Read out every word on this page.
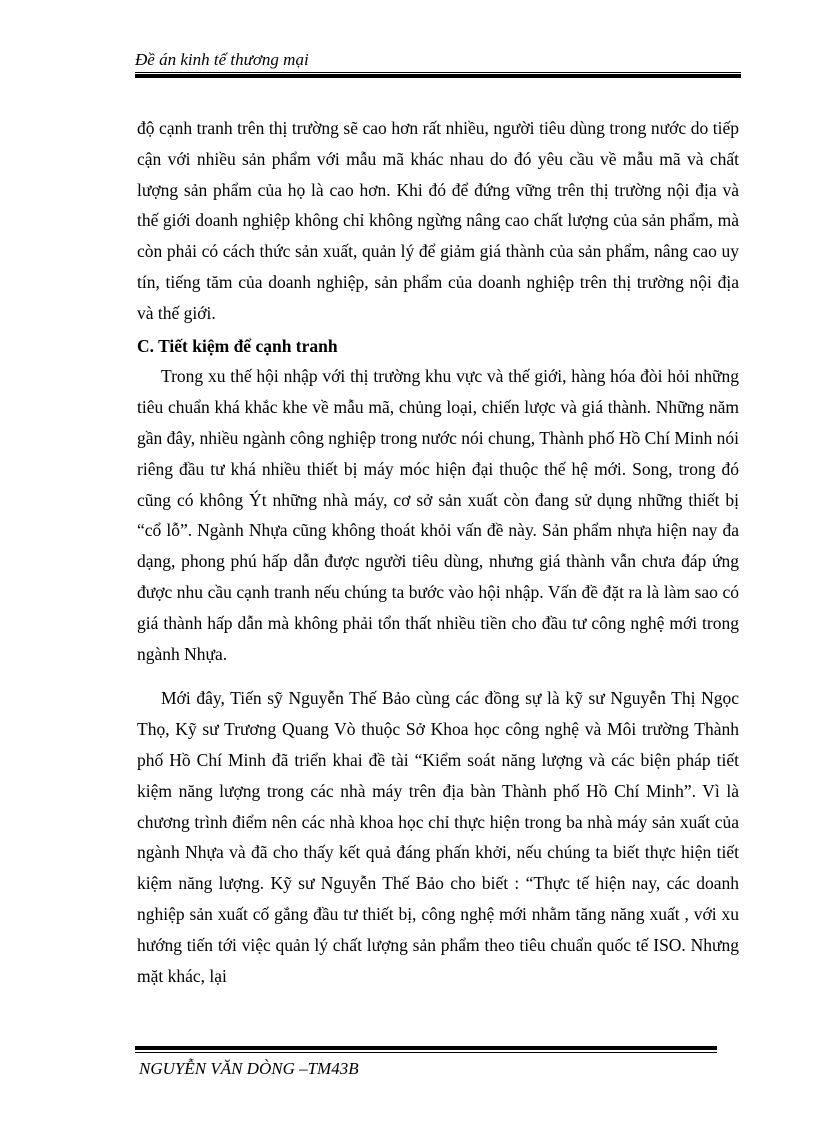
Đề án kinh tế thương mại

độ cạnh tranh trên thị trường sẽ cao hơn rất nhiều, người tiêu dùng trong nước do tiếp cận với nhiều sản phẩm với mẫu mã khác nhau do đó yêu cầu về mẫu mã và chất lượng sản phẩm của họ là cao hơn. Khi đó để đứng vững trên thị trường nội địa và thế giới doanh nghiệp không chỉ không ngừng nâng cao chất lượng của sản phẩm, mà còn phải có cách thức sản xuất, quản lý để giảm giá thành của sản phẩm, nâng cao uy tín, tiếng tăm của doanh nghiệp, sản phẩm của doanh nghiệp trên thị trường nội địa và thế giới.

C. Tiết kiệm để cạnh tranh

Trong xu thế hội nhập với thị trường khu vực và thế giới, hàng hóa đòi hỏi những tiêu chuẩn khá khắc khe về mẫu mã, chủng loại, chiến lược và giá thành. Những năm gần đây, nhiều ngành công nghiệp trong nước nói chung, Thành phố Hồ Chí Minh nói riêng đầu tư khá nhiều thiết bị máy móc hiện đại thuộc thế hệ mới. Song, trong đó cũng có không Ýt những nhà máy, cơ sở sản xuất còn đang sử dụng những thiết bị “cổ lỗ”. Ngành Nhựa cũng không thoát khỏi vấn đề này. Sản phẩm nhựa hiện nay đa dạng, phong phú hấp dẫn được người tiêu dùng, nhưng giá thành vẫn chưa đáp ứng được nhu cầu cạnh tranh nếu chúng ta bước vào hội nhập. Vấn đề đặt ra là làm sao có giá thành hấp dẫn mà không phải tổn thất nhiều tiền cho đầu tư công nghệ mới trong ngành Nhựa.

Mới đây, Tiến sỹ Nguyễn Thế Bảo cùng các đồng sự là kỹ sư Nguyễn Thị Ngọc Thọ, Kỹ sư Trương Quang Vò thuộc Sở Khoa học công nghệ và Môi trường Thành phố Hồ Chí Minh đã triển khai đề tài “Kiểm soát năng lượng và các biện pháp tiết kiệm năng lượng trong các nhà máy trên địa bàn Thành phố Hồ Chí Minh”. Vì là chương trình điểm nên các nhà khoa học chỉ thực hiện trong ba nhà máy sản xuất của ngành Nhựa và đã cho thấy kết quả đáng phấn khởi, nếu chúng ta biết thực hiện tiết kiệm năng lượng. Kỹ sư Nguyễn Thế Bảo cho biết : “Thực tế hiện nay, các doanh nghiệp sản xuất cố gắng đầu tư thiết bị, công nghệ mới nhằm tăng năng xuất , với xu hướng tiến tới việc quản lý chất lượng sản phẩm theo tiêu chuẩn quốc tế ISO. Nhưng mặt khác, lại

NGUYỄN VĂN DÒNG –TM43B
